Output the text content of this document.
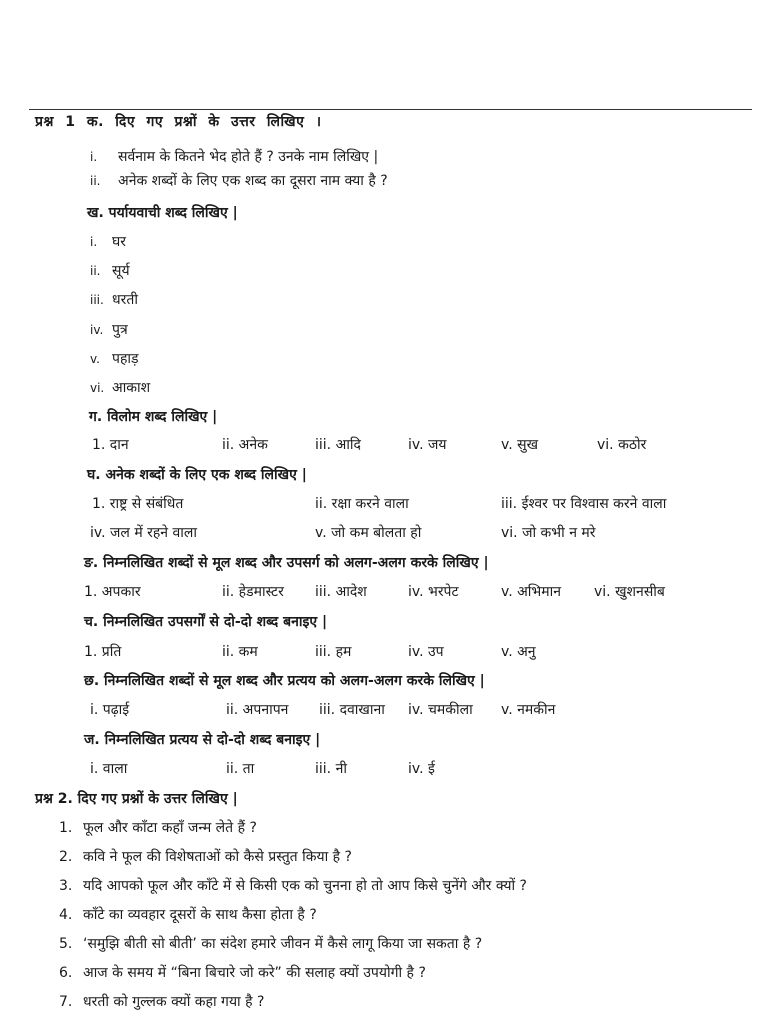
प्रश्न 1 क. दिए गए प्रश्नों के उत्तर लिखिए ।
i. सर्वनाम के कितने भेद होते हैं ? उनके नाम लिखिए |
ii. अनेक शब्दों के लिए एक शब्द का दूसरा नाम क्या है ?
ख. पर्यायवाची शब्द लिखिए |
i. घर
ii. सूर्य
iii. धरती
iv. पुत्र
v. पहाड़
vi. आकाश
ग. विलोम शब्द लिखिए |
1. दान	ii. अनेक	iii. आदि	iv. जय	v. सुख	vi. कठोर
घ. अनेक शब्दों के लिए एक शब्द लिखिए |
1. राष्ट्र से संबंधित	ii. रक्षा करने वाला	iii. ईश्वर पर विश्वास करने वाला
iv. जल में रहने वाला	v. जो कम बोलता हो	vi. जो कभी न मरे
ङ. निम्नलिखित शब्दों से मूल शब्द और उपसर्ग को अलग-अलग करके लिखिए |
1. अपकार	ii. हेडमास्टर iii. आदेश	iv. भरपेट	v. अभिमान vi. खुशनसीब
च. निम्नलिखित उपसर्गों से दो-दो शब्द बनाइए |
1. प्रति	ii. कम	iii. हम	iv. उप	v. अनु
छ. निम्नलिखित शब्दों से मूल शब्द और प्रत्यय को अलग-अलग करके लिखिए |
i. पढ़ाई	ii. अपनापन iii. दवाखाना iv. चमकीला v. नमकीन
ज. निम्नलिखित प्रत्यय से दो-दो शब्द बनाइए |
i. वाला	ii. ता	iii. नी	iv. ई
प्रश्न 2. दिए गए प्रश्नों के उत्तर लिखिए |
1. फूल और काँटा कहाँ जन्म लेते हैं ?
2. कवि ने फूल की विशेषताओं को कैसे प्रस्तुत किया है ?
3. यदि आपको फूल और काँटे में से किसी एक को चुनना हो तो आप किसे चुनेंगे और क्यों ?
4. काँटे का व्यवहार दूसरों के साथ कैसा होता है ?
5. ‘समुझि बीती सो बीती’ का संदेश हमारे जीवन में कैसे लागू किया जा सकता है ?
6. आज के समय में “बिना बिचारे जो करे” की सलाह क्यों उपयोगी है ?
7. धरती को गुल्लक क्यों कहा गया है ?
